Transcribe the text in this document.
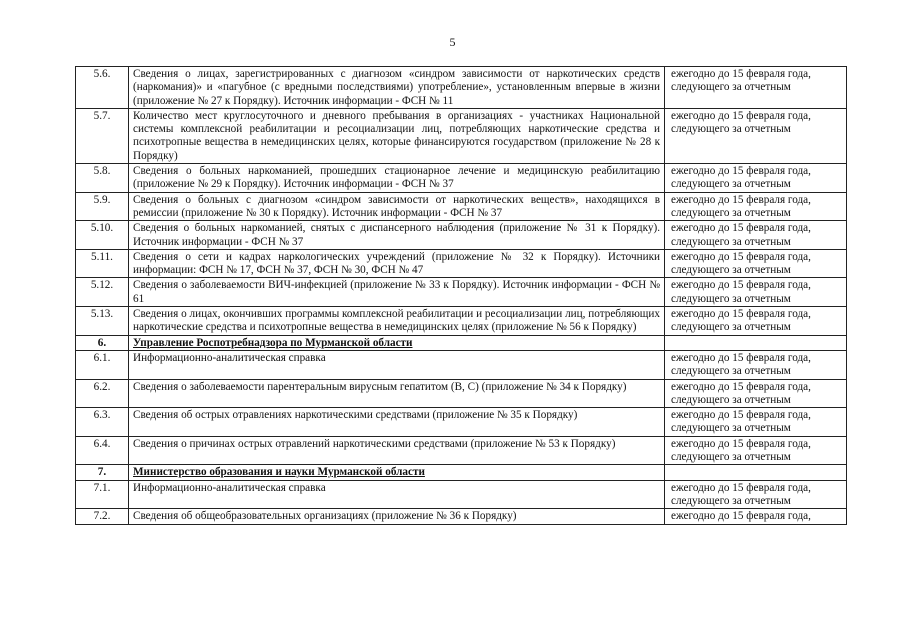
5
5.6.	Сведения о лицах, зарегистрированных с диагнозом «синдром зависимости от наркотических средств (наркомания)» и «пагубное (с вредными последствиями) употребление», установленным впервые в жизни (приложение № 27 к Порядку). Источник информации - ФСН № 11	ежегодно до 15 февраля года, следующего за отчетным
5.7.	Количество мест круглосуточного и дневного пребывания в организациях - участниках Национальной системы комплексной реабилитации и ресоциализации лиц, потребляющих наркотические средства и психотропные вещества в немедицинских целях, которые финансируются государством (приложение № 28 к Порядку)	ежегодно до 15 февраля года, следующего за отчетным
5.8.	Сведения о больных наркоманией, прошедших стационарное лечение и медицинскую реабилитацию (приложение № 29 к Порядку). Источник информации - ФСН № 37	ежегодно до 15 февраля года, следующего за отчетным
5.9.	Сведения о больных с диагнозом «синдром зависимости от наркотических веществ», находящихся в ремиссии (приложение № 30 к Порядку). Источник информации - ФСН № 37	ежегодно до 15 февраля года, следующего за отчетным
5.10.	Сведения о больных наркоманией, снятых с диспансерного наблюдения (приложение № 31 к Порядку). Источник информации - ФСН № 37	ежегодно до 15 февраля года, следующего за отчетным
5.11.	Сведения о сети и кадрах наркологических учреждений (приложение № 32 к Порядку). Источники информации: ФСН № 17, ФСН № 37, ФСН № 30, ФСН № 47	ежегодно до 15 февраля года, следующего за отчетным
5.12.	Сведения о заболеваемости ВИЧ-инфекцией (приложение № 33 к Порядку). Источник информации - ФСН № 61	ежегодно до 15 февраля года, следующего за отчетным
5.13.	Сведения о лицах, окончивших программы комплексной реабилитации и ресоциализации лиц, потребляющих наркотические средства и психотропные вещества в немедицинских целях (приложение № 56 к Порядку)	ежегодно до 15 февраля года, следующего за отчетным
6.	Управление Роспотребнадзора по Мурманской области	
6.1.	Информационно-аналитическая справка	ежегодно до 15 февраля года, следующего за отчетным
6.2.	Сведения о заболеваемости парентеральным вирусным гепатитом (В, С) (приложение № 34 к Порядку)	ежегодно до 15 февраля года, следующего за отчетным
6.3.	Сведения об острых отравлениях наркотическими средствами (приложение № 35 к Порядку)	ежегодно до 15 февраля года, следующего за отчетным
6.4.	Сведения о причинах острых отравлений наркотическими средствами (приложение № 53 к Порядку)	ежегодно до 15 февраля года, следующего за отчетным
7.	Министерство образования и науки Мурманской области	
7.1.	Информационно-аналитическая справка	ежегодно до 15 февраля года, следующего за отчетным
7.2.	Сведения об общеобразовательных организациях (приложение № 36 к Порядку)	ежегодно до 15 февраля года,
